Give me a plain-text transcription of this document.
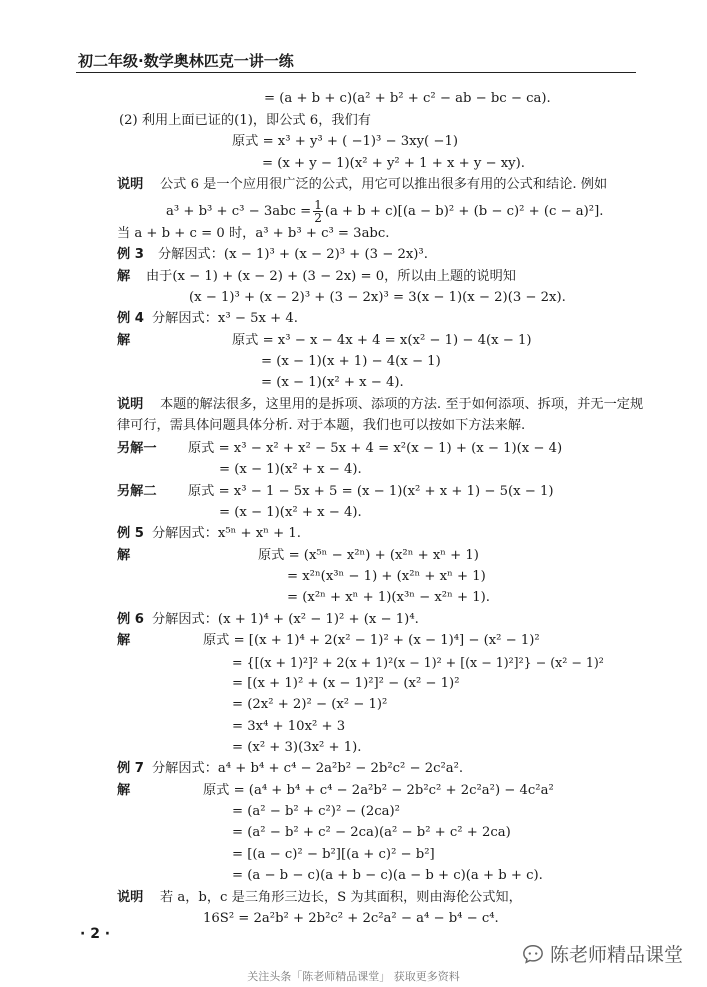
初二年级·数学奥林匹克一讲一练
= (a + b + c)(a² + b² + c² − ab − bc − ca).
(2) 利用上面已证的(1)，即公式 6，我们有
原式 = x³ + y³ + ( −1)³ − 3xy( −1)
= (x + y − 1)(x² + y² + 1 + x + y − xy).
说明 公式 6 是一个应用很广泛的公式，用它可以推出很多有用的公式和结论. 例如
$a^3 + b^3 + c^3 - 3abc = \frac{1}{2} (a + b + c)[(a - b)^2 + (b - c)^2 + (c - a)^2]$.
当 a + b + c = 0 时，a³ + b³ + c³ = 3abc.
例 3 分解因式：(x − 1)³ + (x − 2)³ + (3 − 2x)³.
解 由于(x − 1) + (x − 2) + (3 − 2x) = 0，所以由上题的说明知
(x − 1)³ + (x − 2)³ + (3 − 2x)³ = 3(x − 1)(x − 2)(3 − 2x).
例 4 分解因式：x³ − 5x + 4.
解	原式 = x³ − x − 4x + 4 = x(x² − 1) − 4(x − 1)
= (x − 1)(x + 1) − 4(x − 1)
= (x − 1)(x² + x − 4).
说明 本题的解法很多，这里用的是拆项、添项的方法. 至于如何添项、拆项，并无一定规
律可行，需具体问题具体分析. 对于本题，我们也可以按如下方法来解.
另解一 原式 = x³ − x² + x² − 5x + 4 = x²(x − 1) + (x − 1)(x − 4)
= (x − 1)(x² + x − 4).
另解二 原式 = x³ − 1 − 5x + 5 = (x − 1)(x² + x + 1) − 5(x − 1)
= (x − 1)(x² + x − 4).
例 5 分解因式：x⁵ⁿ + xⁿ + 1.
解	原式 = (x⁵ⁿ − x²ⁿ) + (x²ⁿ + xⁿ + 1)
= x²ⁿ(x³ⁿ − 1) + (x²ⁿ + xⁿ + 1)
= (x²ⁿ + xⁿ + 1)(x³ⁿ − x²ⁿ + 1).
例 6 分解因式：(x + 1)⁴ + (x² − 1)² + (x − 1)⁴.
解	原式 = [(x + 1)⁴ + 2(x² − 1)² + (x − 1)⁴] − (x² − 1)²
= {[(x + 1)²]² + 2(x + 1)²(x − 1)² + [(x − 1)²]²} − (x² − 1)²
= [(x + 1)² + (x − 1)²]² − (x² − 1)²
= (2x² + 2)² − (x² − 1)²
= 3x⁴ + 10x² + 3
= (x² + 3)(3x² + 1).
例 7 分解因式：a⁴ + b⁴ + c⁴ − 2a²b² − 2b²c² − 2c²a².
解	原式 = (a⁴ + b⁴ + c⁴ − 2a²b² − 2b²c² + 2c²a²) − 4c²a²
= (a² − b² + c²)² − (2ca)²
= (a² − b² + c² − 2ca)(a² − b² + c² + 2ca)
= [(a − c)² − b²][(a + c)² − b²]
= (a − b − c)(a + b − c)(a − b + c)(a + b + c).
说明 若 a，b，c 是三角形三边长，S 为其面积，则由海伦公式知，
16S² = 2a²b² + 2b²c² + 2c²a² − a⁴ − b⁴ − c⁴.
· 2 ·
陈老师精品课堂
关注头条「陈老师精品课堂」 获取更多资料
